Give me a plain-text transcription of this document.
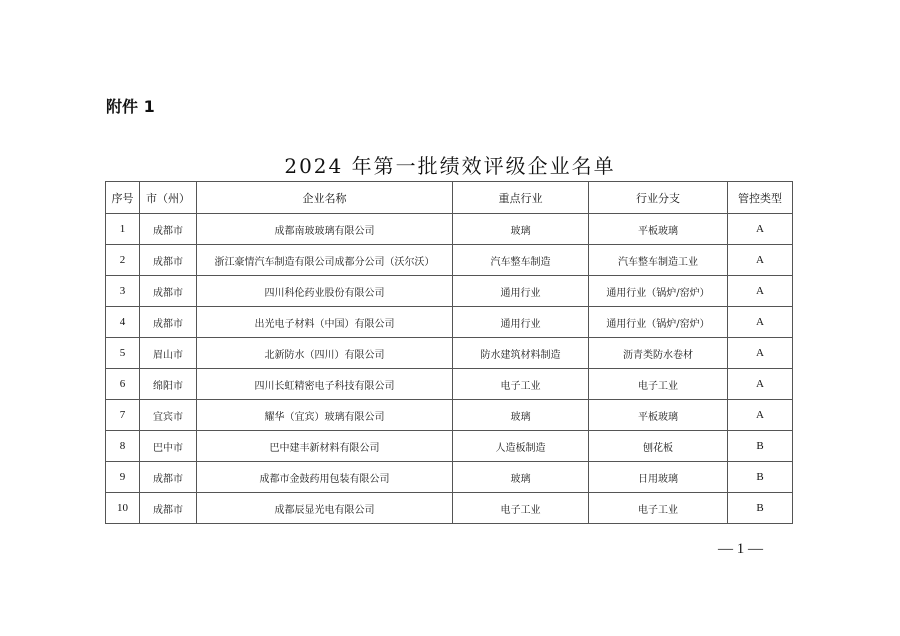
附件 1
2024 年第一批绩效评级企业名单
序号	市（州）	企业名称	重点行业	行业分支	管控类型
1	成都市	成都南玻玻璃有限公司	玻璃	平板玻璃	A
2	成都市	浙江豪情汽车制造有限公司成都分公司（沃尔沃）	汽车整车制造	汽车整车制造工业	A
3	成都市	四川科伦药业股份有限公司	通用行业	通用行业（锅炉/窑炉）	A
4	成都市	出光电子材料（中国）有限公司	通用行业	通用行业（锅炉/窑炉）	A
5	眉山市	北新防水（四川）有限公司	防水建筑材料制造	沥青类防水卷材	A
6	绵阳市	四川长虹精密电子科技有限公司	电子工业	电子工业	A
7	宜宾市	耀华（宜宾）玻璃有限公司	玻璃	平板玻璃	A
8	巴中市	巴中建丰新材料有限公司	人造板制造	刨花板	B
9	成都市	成都市金鼓药用包装有限公司	玻璃	日用玻璃	B
10	成都市	成都辰显光电有限公司	电子工业	电子工业	B
— 1 —
